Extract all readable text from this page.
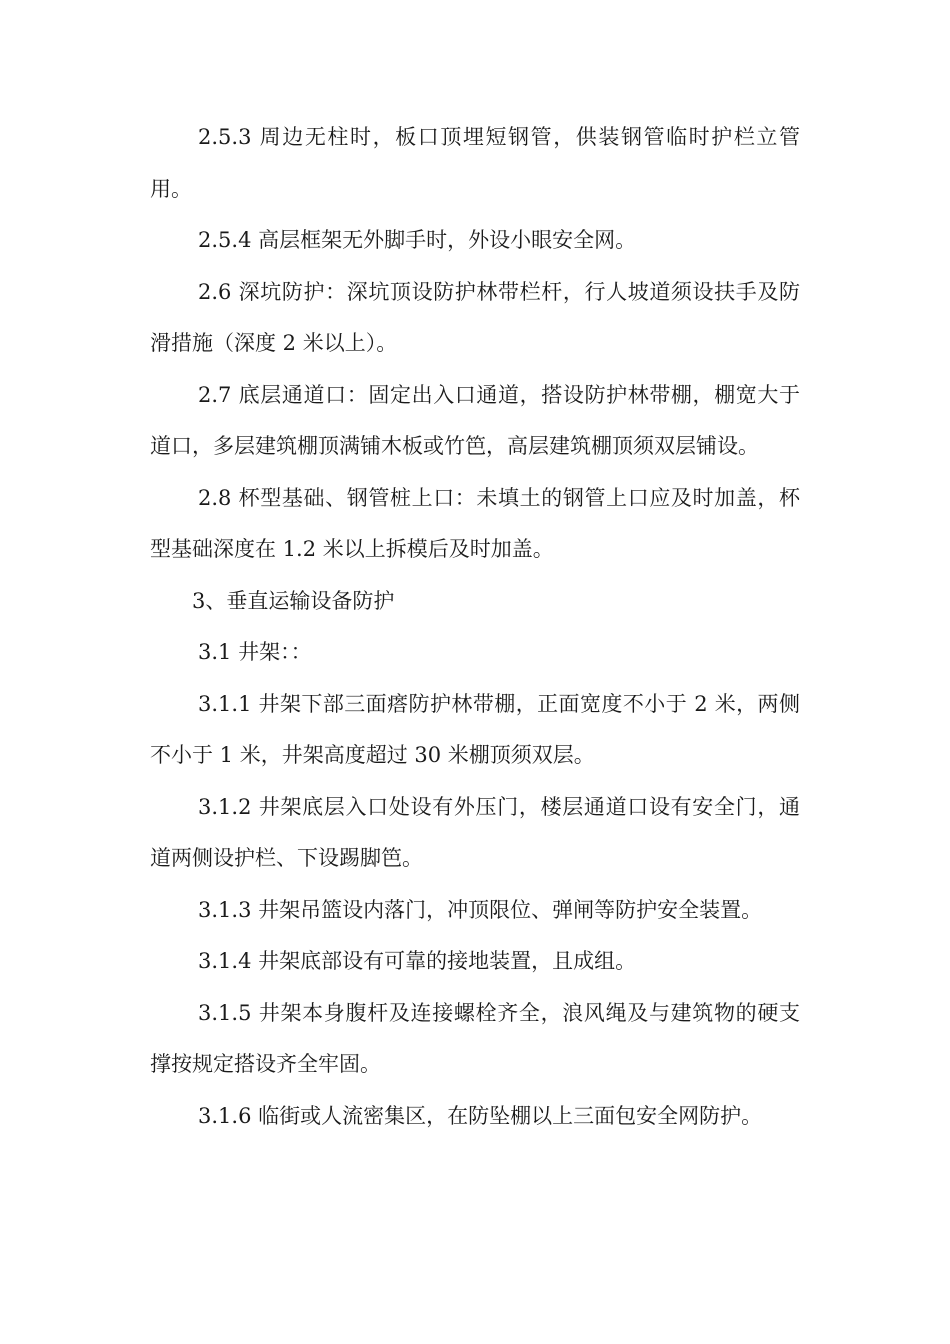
2.5.3 周边无柱时，板口顶埋短钢管，供装钢管临时护栏立管用。

2.5.4 高层框架无外脚手时，外设小眼安全网。

2.6 深坑防护：深坑顶设防护林带栏杆，行人坡道须设扶手及防滑措施（深度 2 米以上）。

2.7 底层通道口：固定出入口通道，搭设防护林带棚，棚宽大于道口，多层建筑棚顶满铺木板或竹笆，高层建筑棚顶须双层铺设。

2.8 杯型基础、钢管桩上口：未填土的钢管上口应及时加盖，杯型基础深度在 1.2 米以上拆模后及时加盖。

3、垂直运输设备防护

3.1 井架：：

3.1.1 井架下部三面瘩防护林带棚，正面宽度不小于 2 米，两侧不小于 1 米，井架高度超过 30 米棚顶须双层。

3.1.2 井架底层入口处设有外压门，楼层通道口设有安全门，通道两侧设护栏、下设踢脚笆。

3.1.3 井架吊篮设内落门，冲顶限位、弹闸等防护安全装置。

3.1.4 井架底部设有可靠的接地装置，且成组。

3.1.5 井架本身腹杆及连接螺栓齐全，浪风绳及与建筑物的硬支撑按规定搭设齐全牢固。

3.1.6 临街或人流密集区，在防坠棚以上三面包安全网防护。
